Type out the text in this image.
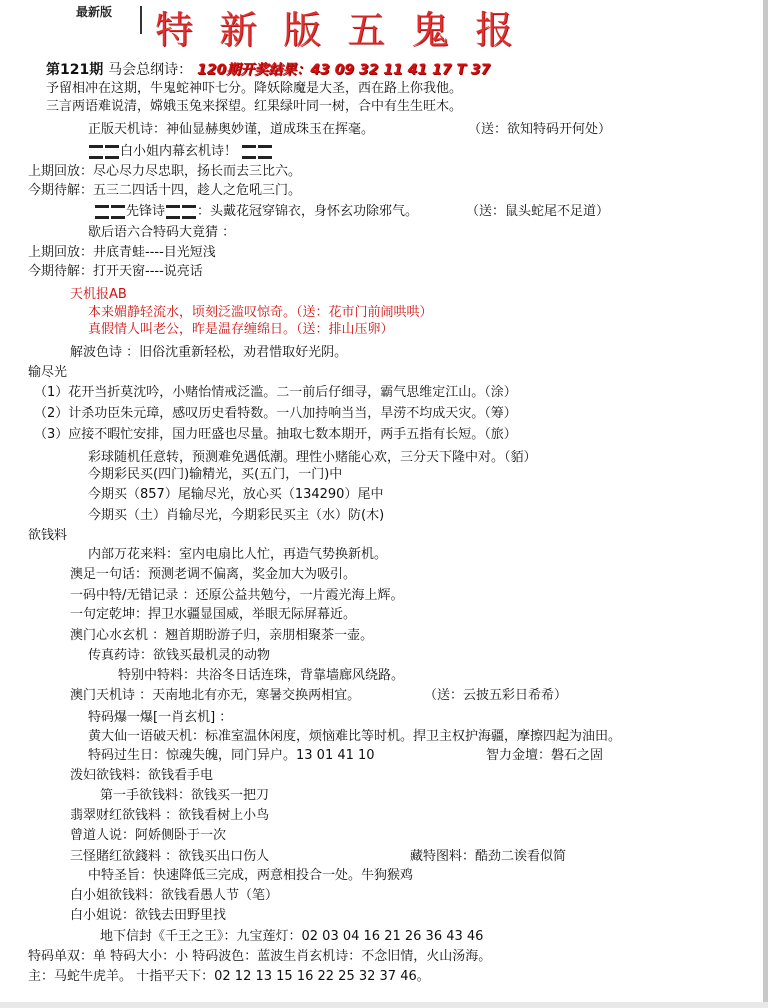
最新版 特新版五鬼报
第121期 马会总纲诗： 120期开奖结果：43 09 32 11 41 17 T 37
予留相冲在这期，牛鬼蛇神吓七分。降妖除魔是大圣，西在路上你我他。
三言两语难说清，嫦娥玉兔来探望。红果绿叶同一树，合中有生生旺木。
正版天机诗：神仙显赫奥妙谨，道成珠玉在挥毫。	（送：欲知特码开何处）
白小姐内幕玄机诗！
上期回放：尽心尽力尽忠职，扬长而去三比六。
今期待解：五三二四话十四，趁人之危吼三门。
先锋诗 ：头戴花冠穿锦衣，身怀玄功除邪气。	（送：鼠头蛇尾不足道）
歇后语六合特码大竟猜 ：
上期回放：井底青蛙----目光短浅
今期待解：打开天窗----说亮话
天机报AB
本来媚静轻流水，顷刻泛滥叹惊奇。（送：花市门前闹哄哄）
真假情人叫老公，昨是温存缠绵日。（送：排山压卵）
解波色诗 ：旧俗沈重新轻松，劝君惜取好光阴。
输尽光
（1）花开当折莫沈吟，小赌怡情戒泛滥。二一前后仔细寻，霸气思维定江山。（涂）
（2）计杀功臣朱元璋，感叹历史看特数。一八加持响当当，旱涝不均成天灾。（筹）
（3）应接不暇忙安排，国力旺盛也尽量。抽取七数本期开，两手五指有长短。（旅）
彩球随机任意转，预测难免遇低潮。理性小赌能心欢，三分天下隆中对。（貊）
今期彩民买(四门)输精光，买(五门，一门)中
今期买（857）尾输尽光，放心买（134290）尾中
今期买（土）肖输尽光，今期彩民买主（水）防(木)
欲钱料
内部万花来料：室内电扇比人忙，再造气势换新机。
澳足一句话：预测老调不偏离，奖金加大为吸引。
一码中特/无错记录 ：还原公益共勉兮，一片霞光海上辉。
一句定乾坤：捍卫水疆显国威，举眼无际屏幕近。
澳门心水玄机 ：翘首期盼游子归，亲朋相聚茶一壶。
传真药诗：欲钱买最机灵的动物
特别中特料：共浴冬日话连珠，背靠墙廊风绕路。
澳门天机诗 ：天南地北有亦无，寒暑交换两相宜。	（送：云披五彩日希希）
特码爆一爆[一肖玄机] ：
黄大仙一语破天机：标准室温休闲度，烦恼难比等时机。捍卫主权护海疆，摩擦四起为油田。
特码过生日：惊魂失魄，同门异户。13 01 41 10	智力金壇：磐石之固
泼妇欲钱料：欲钱看手电
第一手欲钱料：欲钱买一把刀
翡翠财红欲钱料 ：欲钱看树上小鸟
曾道人说：阿娇侧卧于一次
三怪賭红欲錢料 ：欲钱买出口伤人	藏特图料：酷劲二诶看似简
中特圣旨：快速降低三完成，两意相投合一处。牛狗猴鸡
白小姐欲钱料：欲钱看愚人节（笔）
白小姐说：欲钱去田野里找
地下信封《千王之王》：九宝莲灯：02 03 04 16 21 26 36 43 46
特码单双：单 特码大小：小 特码波色：蓝波生肖玄机诗：不念旧情，火山汤海。
主：马蛇牛虎羊。 十指平天下：02 12 13 15 16 22 25 32 37 46。
